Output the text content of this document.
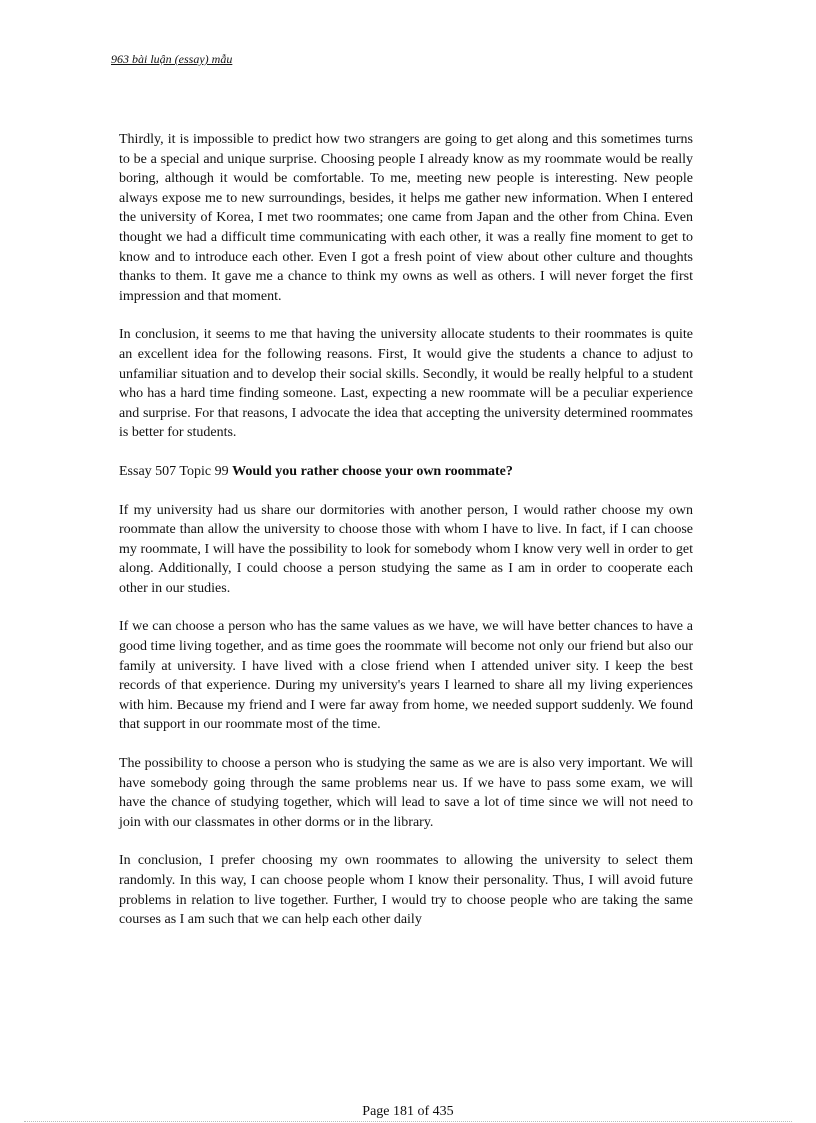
963 bài luận (essay) mẫu

Thirdly, it is impossible to predict how two strangers are going to get along and this sometimes turns to be a special and unique surprise. Choosing people I already know as my roommate would be really boring, although it would be comfortable. To me, meeting new people is interesting. New people always expose me to new surroundings, besides, it helps me gather new information. When I entered the university of Korea, I met two roommates; one came from Japan and the other from China. Even thought we had a difficult time communicating with each other, it was a really fine moment to get to know and to introduce each other. Even I got a fresh point of view about other culture and thoughts thanks to them. It gave me a chance to think my owns as well as others. I will never forget the first impression and that moment.

In conclusion, it seems to me that having the university allocate students to their roommates is quite an excellent idea for the following reasons. First, It would give the students a chance to adjust to unfamiliar situation and to develop their social skills. Secondly, it would be really helpful to a student who has a hard time finding someone. Last, expecting a new roommate will be a peculiar experience and surprise. For that reasons, I advocate the idea that accepting the university determined roommates is better for students.

Essay 507 Topic 99 Would you rather choose your own roommate?

If my university had us share our dormitories with another person, I would rather choose my own roommate than allow the university to choose those with whom I have to live. In fact, if I can choose my roommate, I will have the possibility to look for somebody whom I know very well in order to get along. Additionally, I could choose a person studying the same as I am in order to cooperate each other in our studies.

If we can choose a person who has the same values as we have, we will have better chances to have a good time living together, and as time goes the roommate will become not only our friend but also our family at university. I have lived with a close friend when I attended univer sity. I keep the best records of that experience. During my university's years I learned to share all my living experiences with him. Because my friend and I were far away from home, we needed support suddenly. We found that support in our roommate most of the time.

The possibility to choose a person who is studying the same as we are is also very important. We will have somebody going through the same problems near us. If we have to pass some exam, we will have the chance of studying together, which will lead to save a lot of time since we will not need to join with our classmates in other dorms or in the library.

In conclusion, I prefer choosing my own roommates to allowing the university to select them randomly. In this way, I can choose people whom I know their personality. Thus, I will avoid future problems in relation to live together. Further, I would try to choose people who are taking the same courses as I am such that we can help each other daily

Page 181 of 435
